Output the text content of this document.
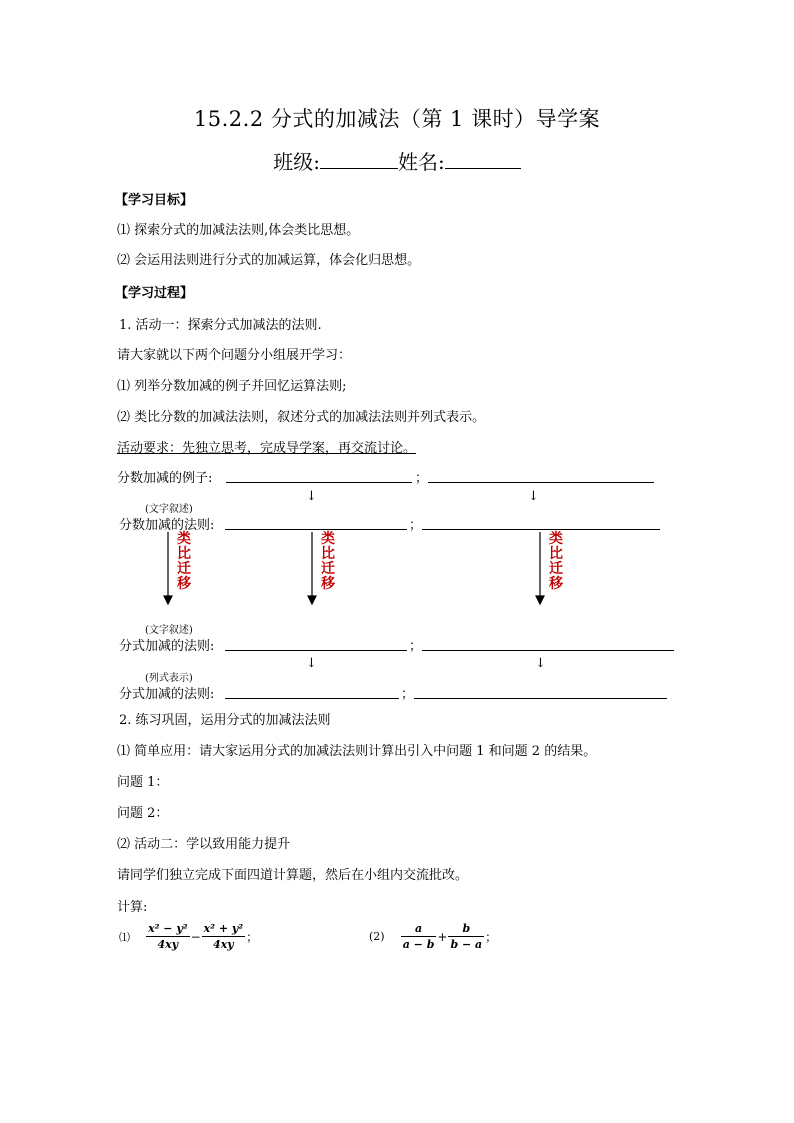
15.2.2 分式的加减法（第 1 课时）导学案
班级:	姓名:
【学习目标】
⑴ 探索分式的加减法法则,体会类比思想。
⑵ 会运用法则进行分式的加减运算，体会化归思想。
【学习过程】
1. 活动一：探索分式加减法的法则.
请大家就以下两个问题分小组展开学习：
⑴ 列举分数加减的例子并回忆运算法则;
⑵ 类比分数的加减法法则，叙述分式的加减法法则并列式表示。
活动要求：先独立思考，完成导学案，再交流讨论。
分数加减的例子:	；
↓	↓
(文字叙述)
分数加减的法则:	；
类比迁移
类比迁移
类比迁移
(文字叙述)
分式加减的法则:	；
↓	↓
(列式表示)
分式加减的法则:	；
2. 练习巩固，运用分式的加减法法则
⑴ 简单应用：请大家运用分式的加减法法则计算出引入中问题 1 和问题 2 的结果。
问题 1：
问题 2：
⑵ 活动二：学以致用能力提升
请同学们独立完成下面四道计算题，然后在小组内交流批改。
计算:
⑴ $\frac{\text{x² − y²}}{4xy} - \frac{\text{x² + y²}}{4xy}$ ；	$(2) \frac{a}{a - b} + \frac{b}{b - a}$ ；
